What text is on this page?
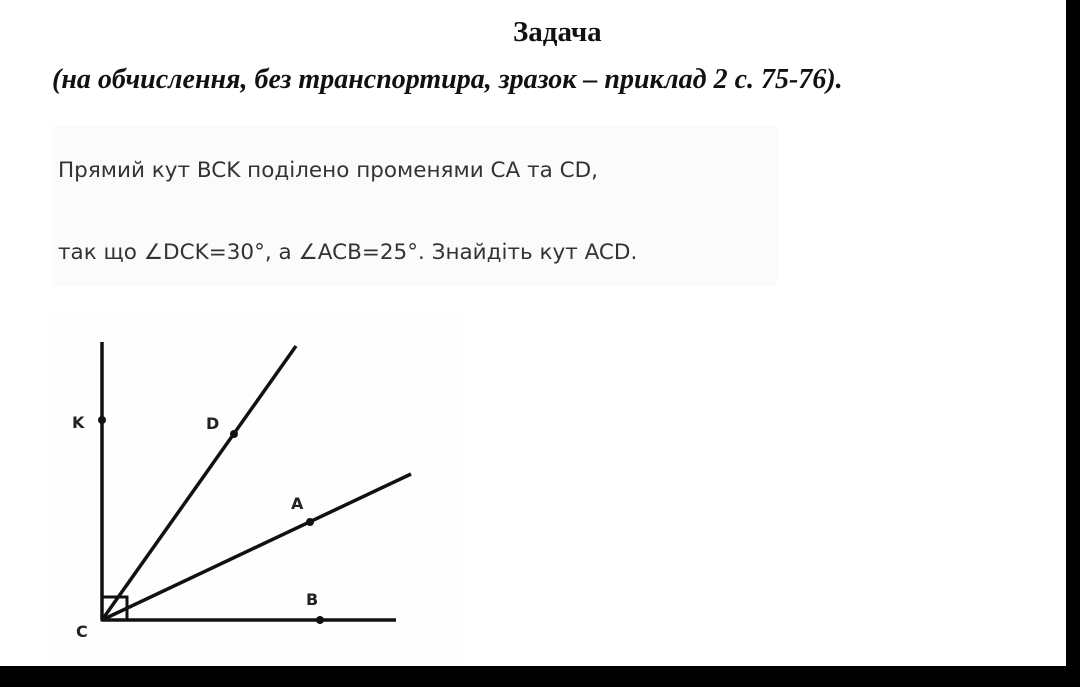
Задача
(на обчислення, без транспортира, зразок – приклад 2 с. 75-76).
Прямий кут BCK поділено променями CA та CD,
так що ∠DCK=30°, а ∠ACB=25°. Знайдіть кут ACD.
K	D
A
B
C
